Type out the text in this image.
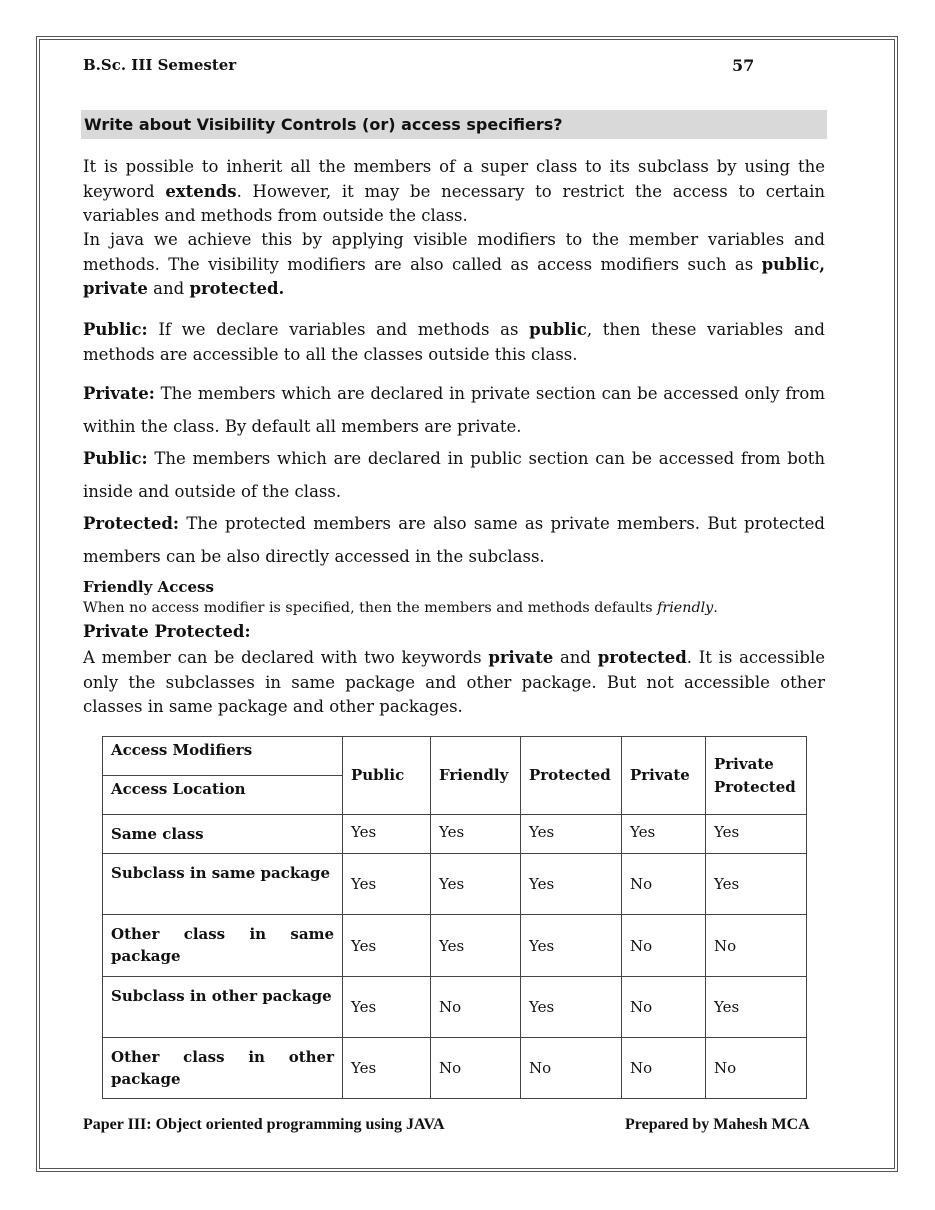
B.Sc. III Semester	57
Write about Visibility Controls (or) access specifiers?

It is possible to inherit all the members of a super class to its subclass by using the keyword extends. However, it may be necessary to restrict the access to certain variables and methods from outside the class.

In java we achieve this by applying visible modifiers to the member variables and methods. The visibility modifiers are also called as access modifiers such as public, private and protected.

Public: If we declare variables and methods as public, then these variables and methods are accessible to all the classes outside this class.

Private: The members which are declared in private section can be accessed only from within the class. By default all members are private.

Public: The members which are declared in public section can be accessed from both inside and outside of the class.

Protected: The protected members are also same as private members. But protected members can be also directly accessed in the subclass.

Friendly Access
When no access modifier is specified, then the members and methods defaults friendly.
Private Protected:

A member can be declared with two keywords private and protected. It is accessible only the subclasses in same package and other package. But not accessible other classes in same package and other packages.

Access Modifiers	Public	Friendly	Protected	Private	Private Protected
Access Location					
Same class	Yes	Yes	Yes	Yes	Yes
Subclass in same package	Yes	Yes	Yes	No	Yes
Other class in same package	Yes	Yes	Yes	No	No
Subclass in other package	Yes	No	Yes	No	Yes
Other class in other package	Yes	No	No	No	No
Paper III: Object oriented programming using JAVA	Prepared by Mahesh MCA
